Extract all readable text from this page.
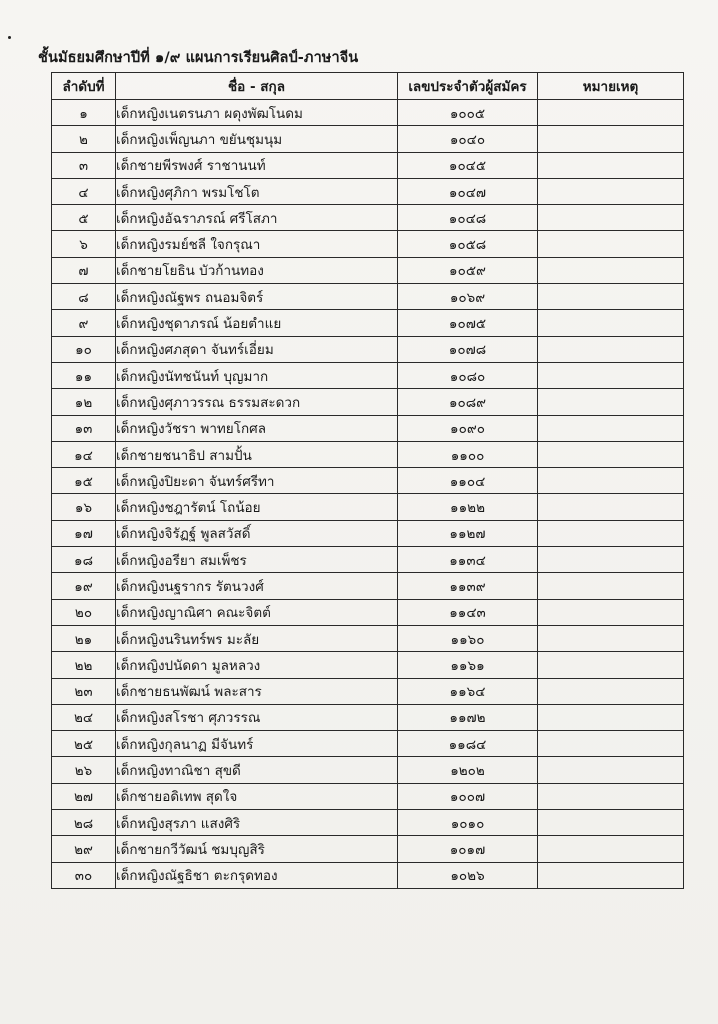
ชั้นมัธยมศึกษาปีที่ ๑/๙ แผนการเรียนศิลป์-ภาษาจีน
ลำดับที่	ชื่อ - สกุล	เลขประจำตัวผู้สมัคร	หมายเหตุ
๑	เด็กหญิงเนตรนภา ผดุงพัฒโนดม	๑๐๐๕	
๒	เด็กหญิงเพ็ญนภา ขยันชุมนุม	๑๐๔๐	
๓	เด็กชายพีรพงศ์ ราชานนท์	๑๐๔๕	
๔	เด็กหญิงศุภิกา พรมโชโต	๑๐๔๗	
๕	เด็กหญิงอัฉราภรณ์ ศรีโสภา	๑๐๔๘	
๖	เด็กหญิงรมย์ชลี ใจกรุณา	๑๐๕๘	
๗	เด็กชายโยธิน บัวก้านทอง	๑๐๕๙	
๘	เด็กหญิงณัฐพร ถนอมจิตร์	๑๐๖๙	
๙	เด็กหญิงชุดาภรณ์ น้อยตำแย	๑๐๗๕	
๑๐	เด็กหญิงศภสุดา จันทร์เอี่ยม	๑๐๗๘	
๑๑	เด็กหญิงนัทชนันท์ บุญมาก	๑๐๘๐	
๑๒	เด็กหญิงศุภาวรรณ ธรรมสะดวก	๑๐๘๙	
๑๓	เด็กหญิงวัชรา พาทยโกศล	๑๐๙๐	
๑๔	เด็กชายชนาธิป สามปั้น	๑๑๐๐	
๑๕	เด็กหญิงปิยะดา จันทร์ศรีทา	๑๑๐๔	
๑๖	เด็กหญิงชฎารัตน์ โถน้อย	๑๑๒๒	
๑๗	เด็กหญิงจิรัฏฐ์ พูลสวัสดิ์	๑๑๒๗	
๑๘	เด็กหญิงอรียา สมเพ็ชร	๑๑๓๔	
๑๙	เด็กหญิงนฐรากร รัตนวงศ์	๑๑๓๙	
๒๐	เด็กหญิงญาณิศา คณะจิตต์	๑๑๔๓	
๒๑	เด็กหญิงนรินทร์พร มะลัย	๑๑๖๐	
๒๒	เด็กหญิงปนัดดา มูลหลวง	๑๑๖๑	
๒๓	เด็กชายธนพัฒน์ พละสาร	๑๑๖๔	
๒๔	เด็กหญิงสโรชา ศุภวรรณ	๑๑๗๒	
๒๕	เด็กหญิงกุลนาฏ มีจันทร์	๑๑๘๔	
๒๖	เด็กหญิงทาณิชา สุขดี	๑๒๐๒	
๒๗	เด็กชายอดิเทพ สุดใจ	๑๐๐๗	
๒๘	เด็กหญิงสุรภา แสงศิริ	๑๐๑๐	
๒๙	เด็กชายกวีวัฒน์ ชมบุญสิริ	๑๐๑๗	
๓๐	เด็กหญิงณัฐธิชา ตะกรุดทอง	๑๐๒๖	
